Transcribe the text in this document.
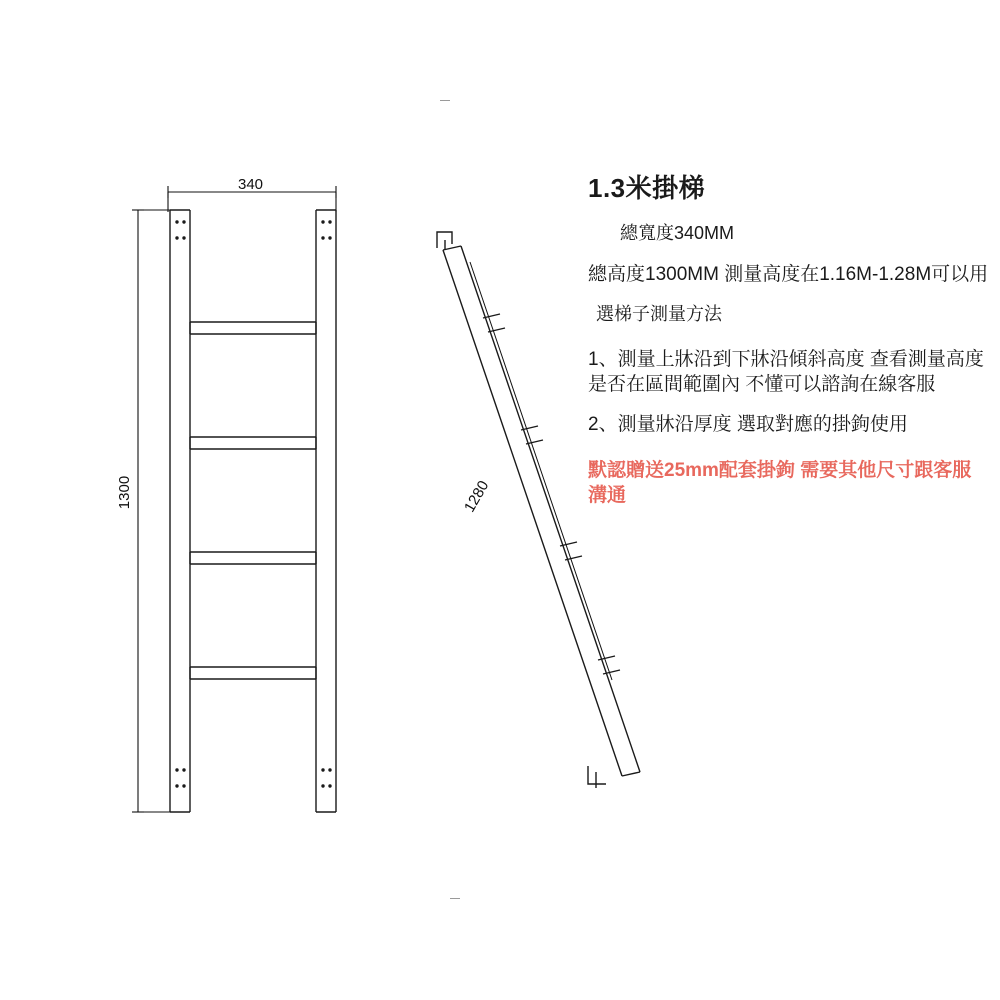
340
1300	1280
1.3米掛梯
總寬度340MM
總高度1300MM 測量高度在1.16M-1.28M可以用
選梯子測量方法
1、測量上牀沿到下牀沿傾斜高度 查看測量高度是否在區間範圍內 不懂可以諮詢在線客服
2、測量牀沿厚度 選取對應的掛鉤使用
默認贈送25mm配套掛鉤 需要其他尺寸跟客服溝通
